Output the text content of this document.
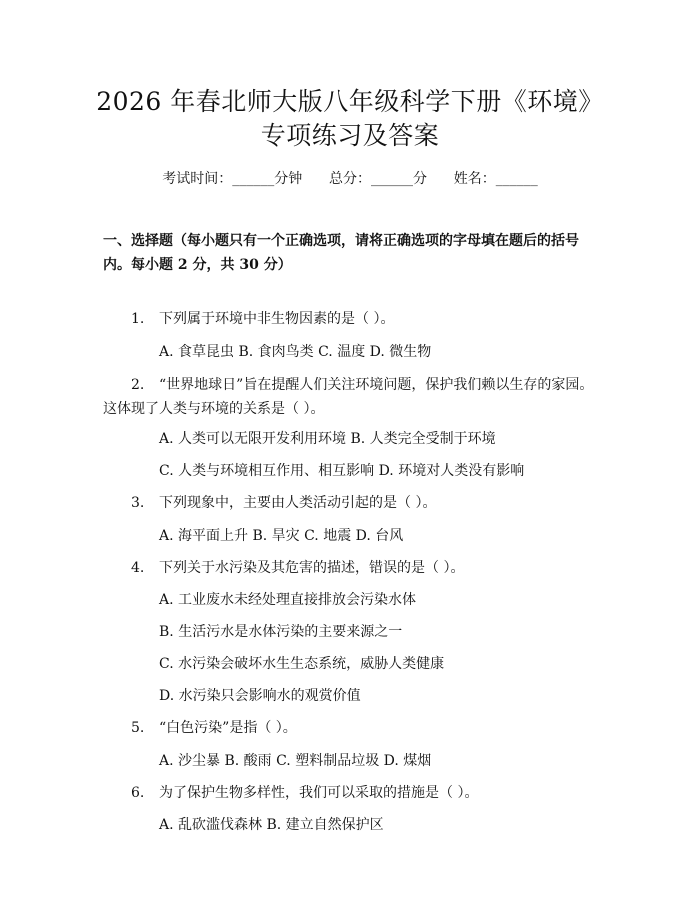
2026 年春北师大版八年级科学下册《环境》
专项练习及答案
考试时间：______分钟      总分：______分      姓名：______
一、选择题（每小题只有一个正确选项，请将正确选项的字母填在题后的括号内。每小题 2 分，共 30 分）
1. 下列属于环境中非生物因素的是（ ）。
A. 食草昆虫 B. 食肉鸟类 C. 温度 D. 微生物
2. “世界地球日”旨在提醒人们关注环境问题，保护我们赖以生存的家园。这体现了人类与环境的关系是（ ）。
A. 人类可以无限开发利用环境 B. 人类完全受制于环境
C. 人类与环境相互作用、相互影响 D. 环境对人类没有影响
3. 下列现象中，主要由人类活动引起的是（ ）。
A. 海平面上升 B. 旱灾 C. 地震 D. 台风
4. 下列关于水污染及其危害的描述，错误的是（ ）。
A. 工业废水未经处理直接排放会污染水体
B. 生活污水是水体污染的主要来源之一
C. 水污染会破坏水生生态系统，威胁人类健康
D. 水污染只会影响水的观赏价值
5. “白色污染”是指（ ）。
A. 沙尘暴 B. 酸雨 C. 塑料制品垃圾 D. 煤烟
6. 为了保护生物多样性，我们可以采取的措施是（ ）。
A. 乱砍滥伐森林 B. 建立自然保护区
